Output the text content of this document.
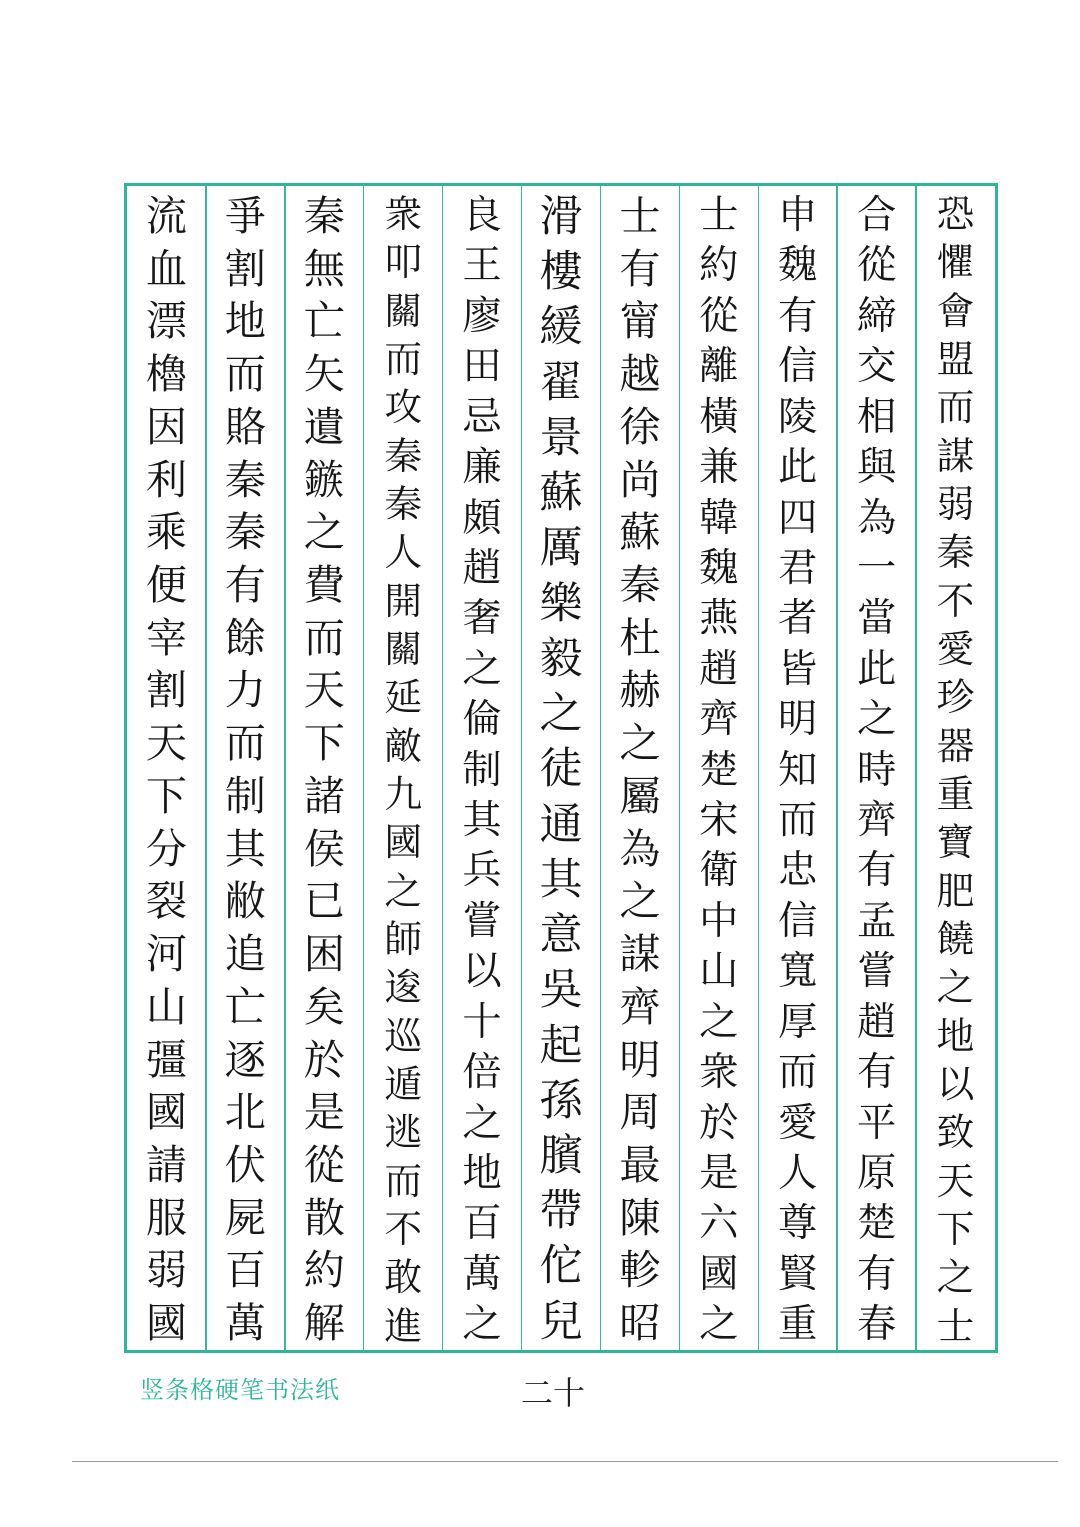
恐
懼
會
盟
而
謀
弱
秦
不
愛
珍
器
重
寶
肥
饒
之
地
以
致
天
下
之
士
合
從
締
交
相
與
為
一
當
此
之
時
齊
有
孟
嘗
趙
有
平
原
楚
有
春
申
魏
有
信
陵
此
四
君
者
皆
明
知
而
忠
信
寬
厚
而
愛
人
尊
賢
重
士
約
從
離
橫
兼
韓
魏
燕
趙
齊
楚
宋
衛
中
山
之
衆
於
是
六
國
之
士
有
甯
越
徐
尚
蘇
秦
杜
赫
之
屬
為
之
謀
齊
明
周
最
陳
軫
昭
滑
樓
緩
翟
景
蘇
厲
樂
毅
之
徒
通
其
意
吳
起
孫
臏
帶
佗
兒
良
王
廖
田
忌
廉
頗
趙
奢
之
倫
制
其
兵
嘗
以
十
倍
之
地
百
萬
之
衆
叩
關
而
攻
秦
秦
人
開
關
延
敵
九
國
之
師
逡
巡
遁
逃
而
不
敢
進
秦
無
亡
矢
遺
鏃
之
費
而
天
下
諸
侯
已
困
矣
於
是
從
散
約
解
爭
割
地
而
賂
秦
秦
有
餘
力
而
制
其
敝
追
亡
逐
北
伏
屍
百
萬
流
血
漂
櫓
因
利
乘
便
宰
割
天
下
分
裂
河
山
彊
國
請
服
弱
國
竖条格硬笔书法纸	二十
